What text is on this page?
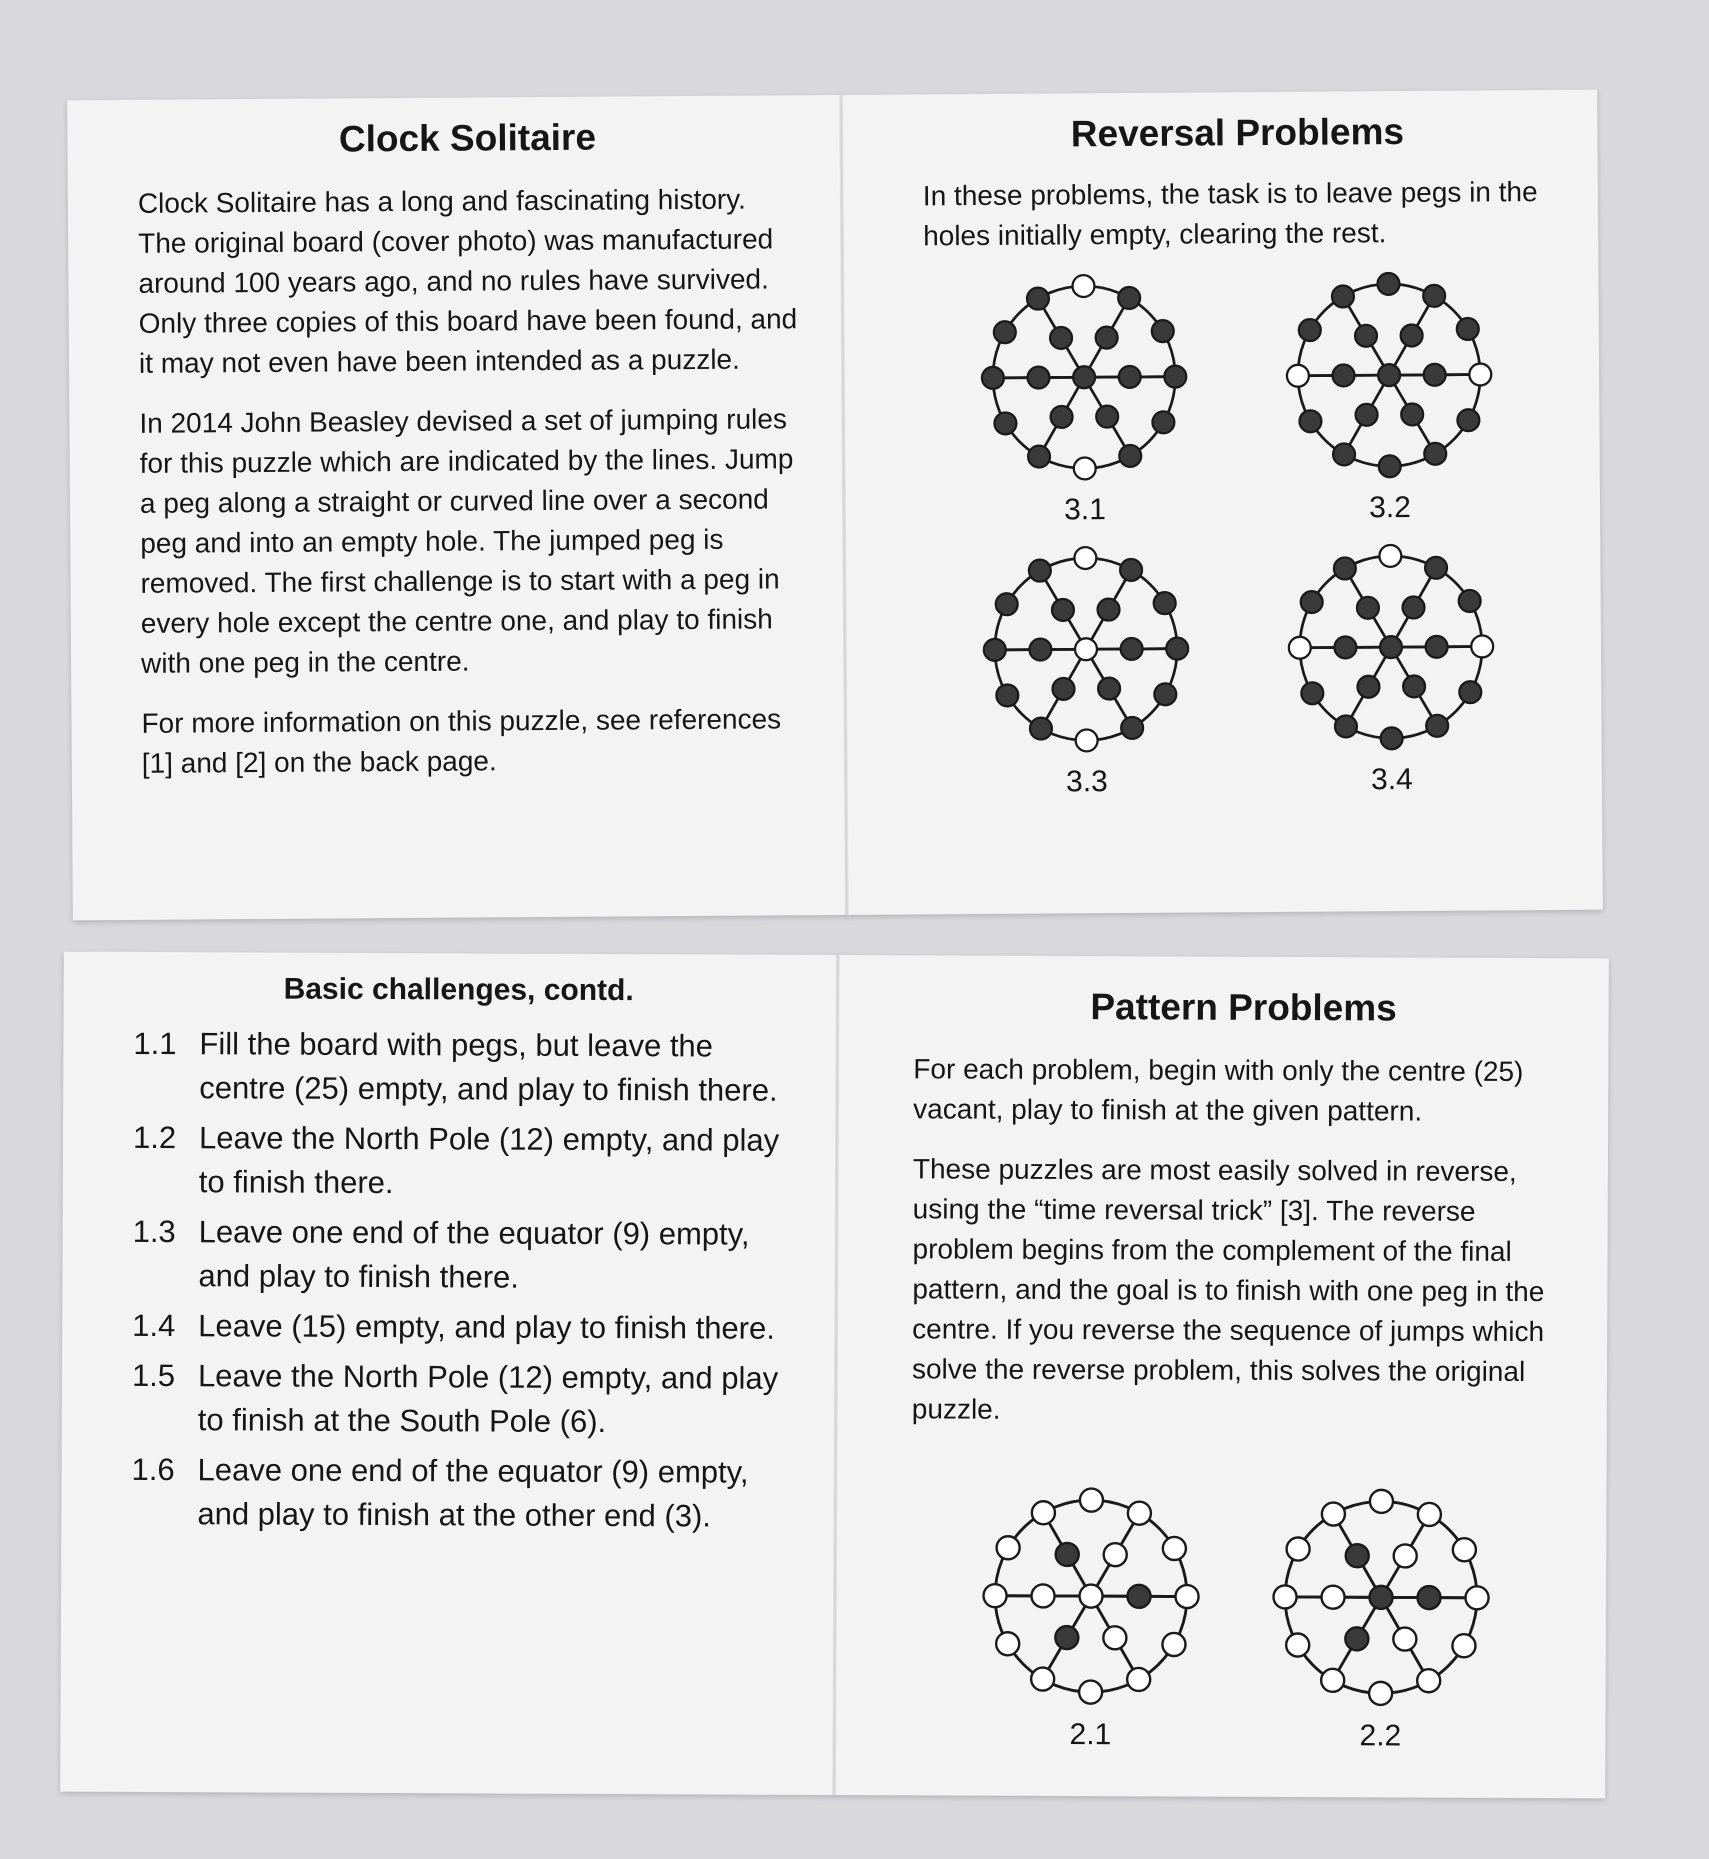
Clock Solitaire

Clock Solitaire has a long and fascinating history. The original board (cover photo) was manufactured around 100 years ago, and no rules have survived. Only three copies of this board have been found, and it may not even have been intended as a puzzle.

In 2014 John Beasley devised a set of jumping rules for this puzzle which are indicated by the lines. Jump a peg along a straight or curved line over a second peg and into an empty hole. The jumped peg is removed. The first challenge is to start with a peg in every hole except the centre one, and play to finish with one peg in the centre.

For more information on this puzzle, see references [1] and [2] on the back page.

Reversal Problems

In these problems, the task is to leave pegs in the holes initially empty, clearing the rest.

3.1	3.2
3.3	3.4
Basic challenges, contd.
1.1 Fill the board with pegs, but leave the centre (25) empty, and play to finish there.
1.2 Leave the North Pole (12) empty, and play to finish there.
1.3 Leave one end of the equator (9) empty, and play to finish there.
1.4 Leave (15) empty, and play to finish there.
1.5 Leave the North Pole (12) empty, and play to finish at the South Pole (6).
1.6 Leave one end of the equator (9) empty, and play to finish at the other end (3).
Pattern Problems

For each problem, begin with only the centre (25) vacant, play to finish at the given pattern.

These puzzles are most easily solved in reverse, using the “time reversal trick” [3]. The reverse problem begins from the complement of the final pattern, and the goal is to finish with one peg in the centre. If you reverse the sequence of jumps which solve the reverse problem, this solves the original puzzle.

2.1	2.2
